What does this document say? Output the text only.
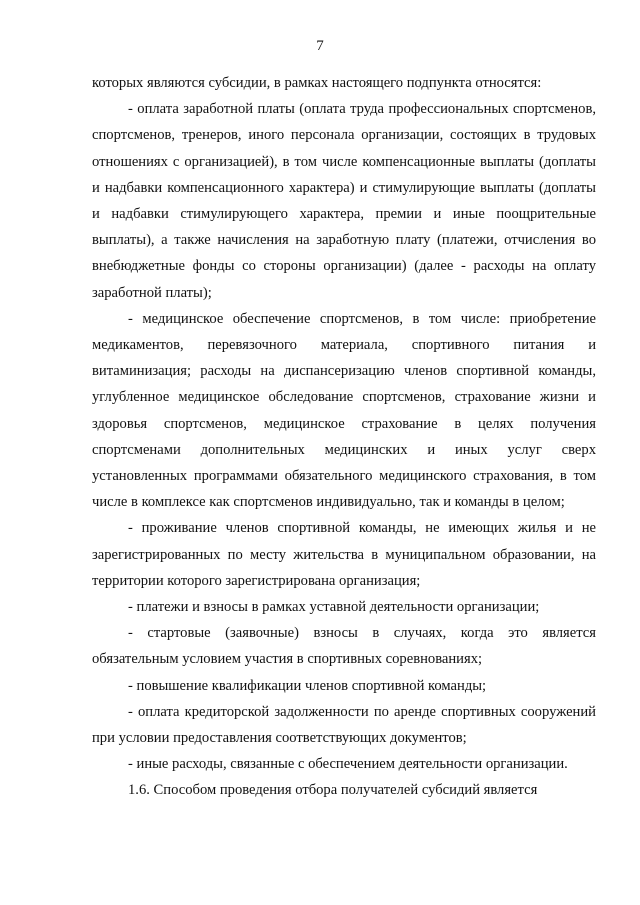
7

которых являются субсидии, в рамках настоящего подпункта относятся:

- оплата заработной платы (оплата труда профессиональных спортсменов, спортсменов, тренеров, иного персонала организации, состоящих в трудовых отношениях с организацией), в том числе компенсационные выплаты (доплаты и надбавки компенсационного характера) и стимулирующие выплаты (доплаты и надбавки стимулирующего характера, премии и иные поощрительные выплаты), а также начисления на заработную плату (платежи, отчисления во внебюджетные фонды со стороны организации) (далее - расходы на оплату заработной платы);

- медицинское обеспечение спортсменов, в том числе: приобретение медикаментов, перевязочного материала, спортивного питания и витаминизация; расходы на диспансеризацию членов спортивной команды, углубленное медицинское обследование спортсменов, страхование жизни и здоровья спортсменов, медицинское страхование в целях получения спортсменами дополнительных медицинских и иных услуг сверх установленных программами обязательного медицинского страхования, в том числе в комплексе как спортсменов индивидуально, так и команды в целом;

- проживание членов спортивной команды, не имеющих жилья и не зарегистрированных по месту жительства в муниципальном образовании, на территории которого зарегистрирована организация;

- платежи и взносы в рамках уставной деятельности организации;

- стартовые (заявочные) взносы в случаях, когда это является обязательным условием участия в спортивных соревнованиях;

- повышение квалификации членов спортивной команды;

- оплата кредиторской задолженности по аренде спортивных сооружений при условии предоставления соответствующих документов;

- иные расходы, связанные с обеспечением деятельности организации.

1.6. Способом проведения отбора получателей субсидий является
